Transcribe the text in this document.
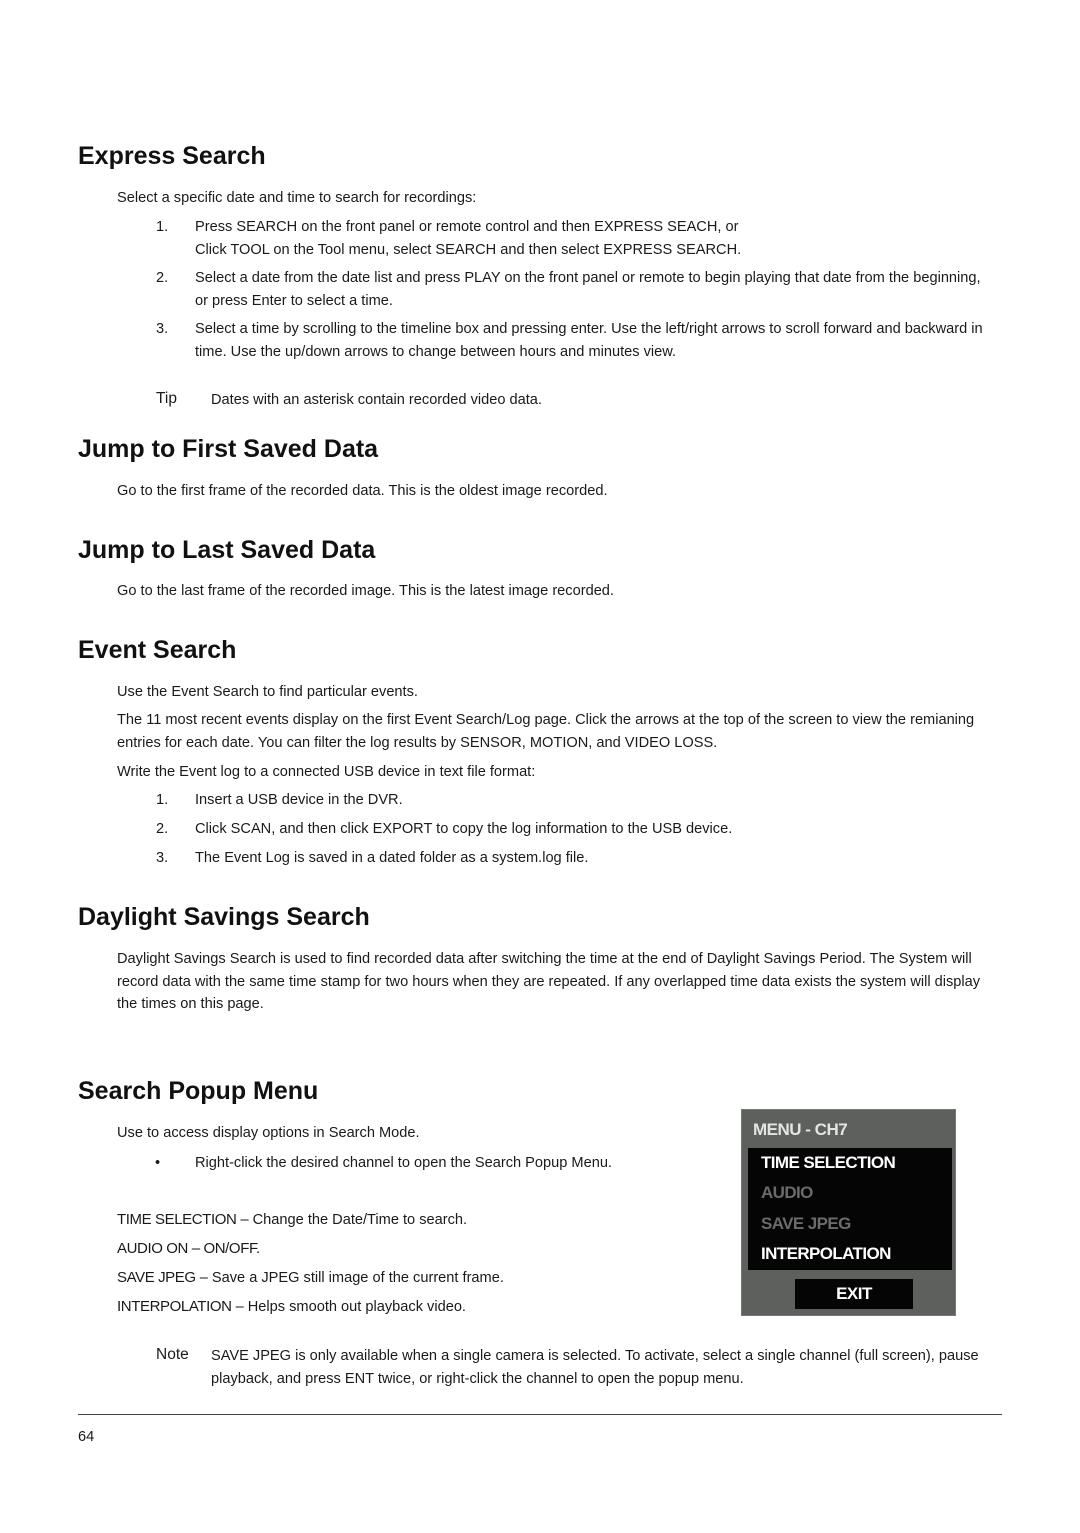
Express Search

Select a specific date and time to search for recordings:

1. Press SEARCH on the front panel or remote control and then EXPRESS SEACH, or
Click TOOL on the Tool menu, select SEARCH and then select EXPRESS SEARCH.
2. Select a date from the date list and press PLAY on the front panel or remote to begin playing that date from the beginning, or press Enter to select a time.
3. Select a time by scrolling to the timeline box and pressing enter. Use the left/right arrows to scroll forward and backward in time. Use the up/down arrows to change between hours and minutes view.
Tip Dates with an asterisk contain recorded video data.
Jump to First Saved Data

Go to the first frame of the recorded data. This is the oldest image recorded.

Jump to Last Saved Data

Go to the last frame of the recorded image. This is the latest image recorded.

Event Search

Use the Event Search to find particular events.

The 11 most recent events display on the first Event Search/Log page. Click the arrows at the top of the screen to view the remianing entries for each date. You can filter the log results by SENSOR, MOTION, and VIDEO LOSS.

Write the Event log to a connected USB device in text file format:

1. Insert a USB device in the DVR.
2. Click SCAN, and then click EXPORT to copy the log information to the USB device.
3. The Event Log is saved in a dated folder as a system.log file.
Daylight Savings Search

Daylight Savings Search is used to find recorded data after switching the time at the end of Daylight Savings Period. The System will record data with the same time stamp for two hours when they are repeated. If any overlapped time data exists the system will display the times on this page.

Search Popup Menu

Use to access display options in Search Mode.

• Right-click the desired channel to open the Search Popup Menu.
TIME SELECTION – Change the Date/Time to search.
AUDIO ON – ON/OFF.
SAVE JPEG – Save a JPEG still image of the current frame.
INTERPOLATION – Helps smooth out playback video.
MENU - CH7
TIME SELECTION
AUDIO
SAVE JPEG
INTERPOLATION
EXIT
Note SAVE JPEG is only available when a single camera is selected. To activate, select a single channel (full screen), pause playback, and press ENT twice, or right-click the channel to open the popup menu.
64
